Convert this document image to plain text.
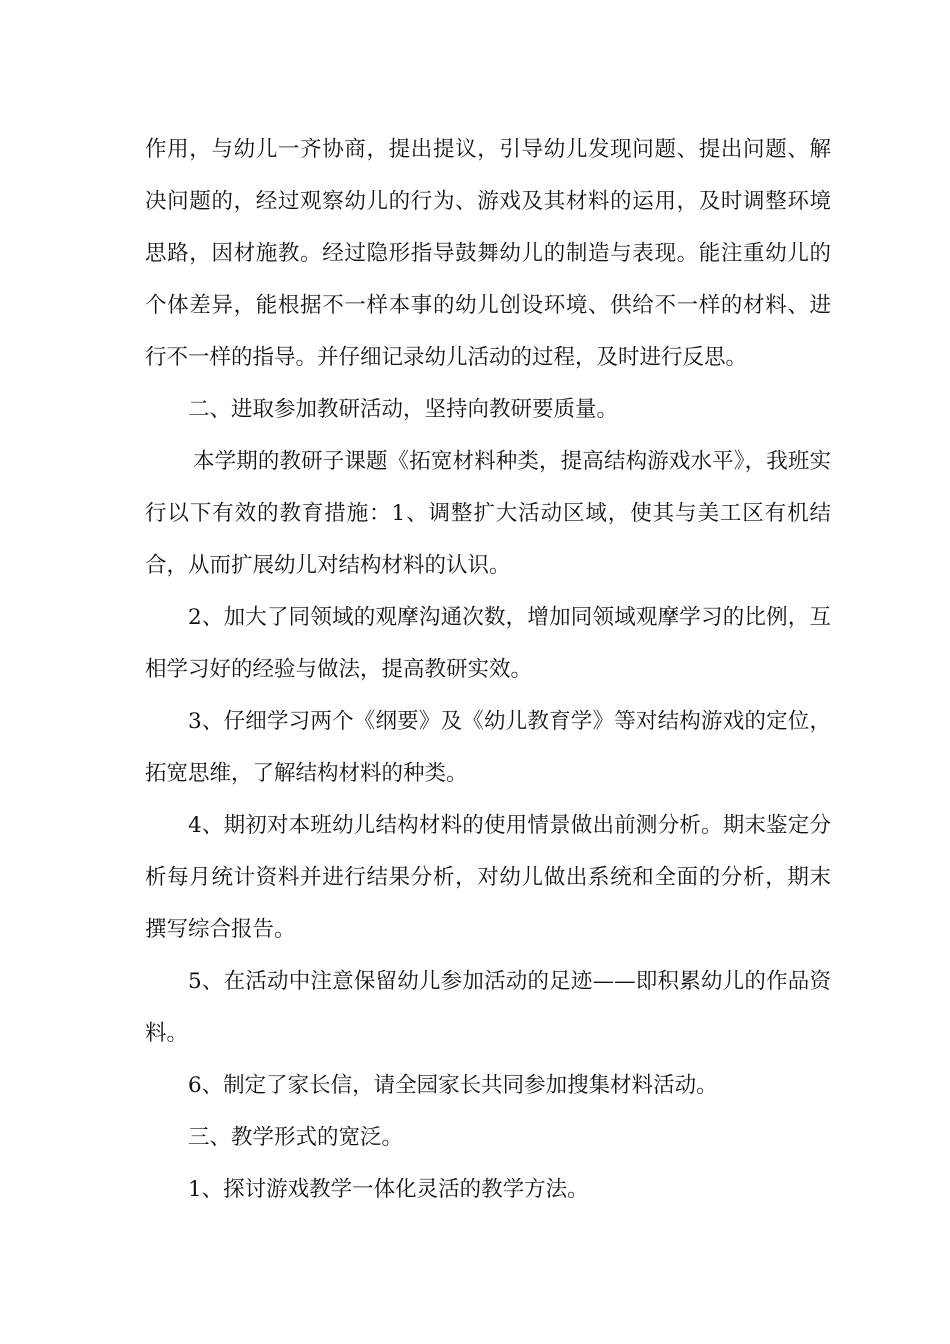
作用，与幼儿一齐协商，提出提议，引导幼儿发现问题、提出问题、解决问题的，经过观察幼儿的行为、游戏及其材料的运用，及时调整环境思路，因材施教。经过隐形指导鼓舞幼儿的制造与表现。能注重幼儿的个体差异，能根据不一样本事的幼儿创设环境、供给不一样的材料、进行不一样的指导。并仔细记录幼儿活动的过程，及时进行反思。

二、进取参加教研活动，坚持向教研要质量。

本学期的教研子课题《拓宽材料种类，提高结构游戏水平》，我班实行以下有效的教育措施：1、调整扩大活动区域，使其与美工区有机结合，从而扩展幼儿对结构材料的认识。

2、加大了同领域的观摩沟通次数，增加同领域观摩学习的比例，互相学习好的经验与做法，提高教研实效。

3、仔细学习两个《纲要》及《幼儿教育学》等对结构游戏的定位，拓宽思维，了解结构材料的种类。

4、期初对本班幼儿结构材料的使用情景做出前测分析。期末鉴定分析每月统计资料并进行结果分析，对幼儿做出系统和全面的分析，期末撰写综合报告。

5、在活动中注意保留幼儿参加活动的足迹——即积累幼儿的作品资料。

6、制定了家长信，请全园家长共同参加搜集材料活动。

三、教学形式的宽泛。

1、探讨游戏教学一体化灵活的教学方法。
